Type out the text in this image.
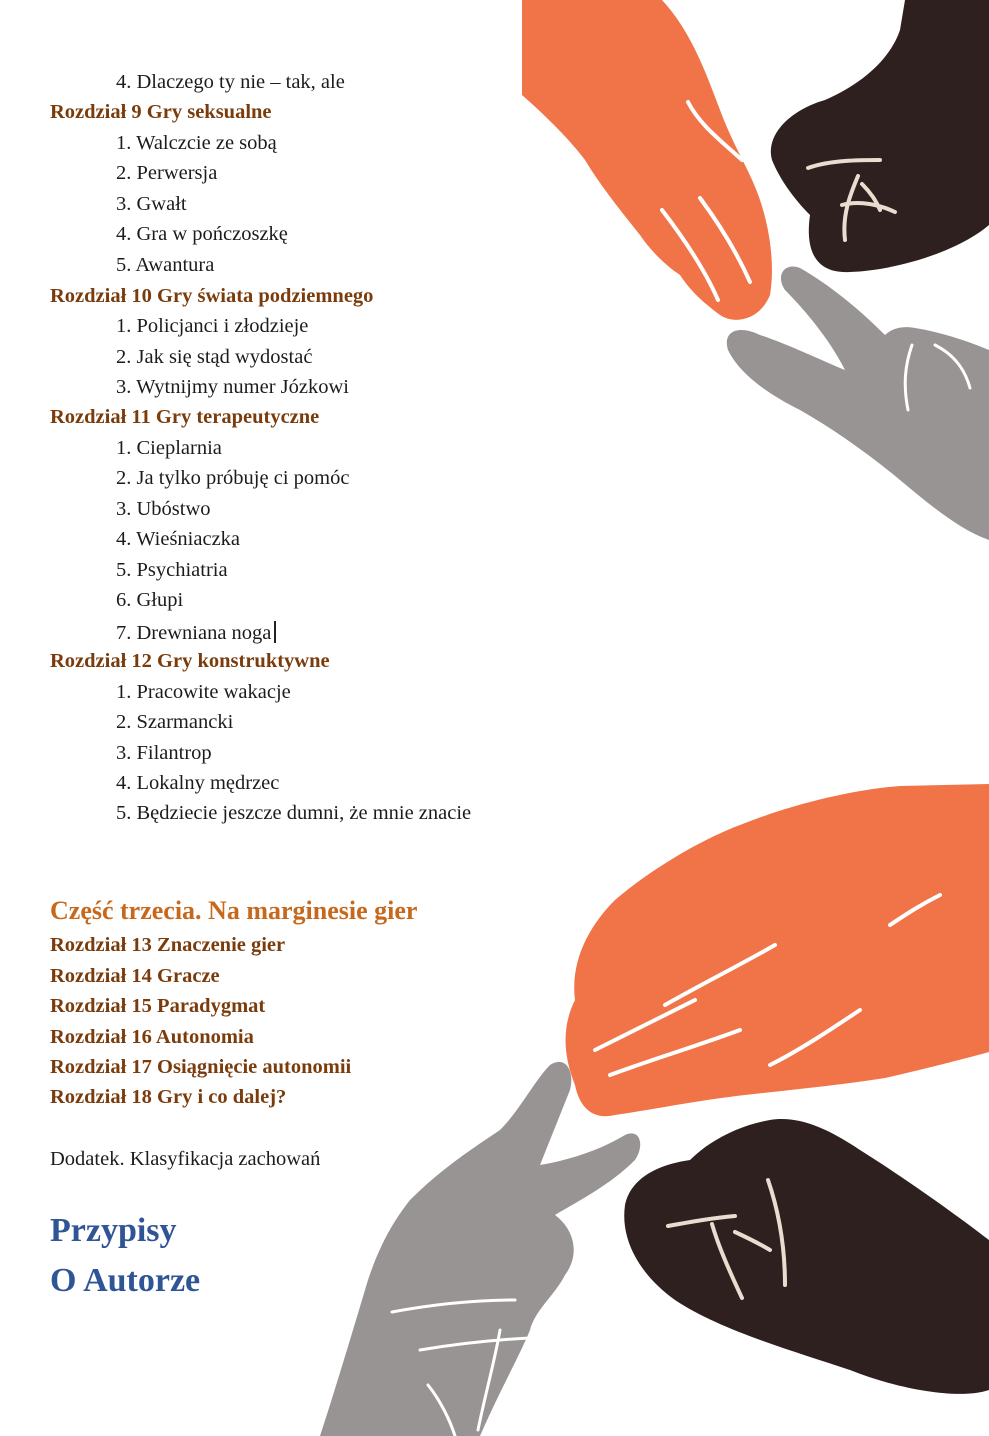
4. Dlaczego ty nie – tak, ale
Rozdział 9 Gry seksualne
1. Walczcie ze sobą
2. Perwersja
3. Gwałt
4. Gra w pończoszkę
5. Awantura
Rozdział 10 Gry świata podziemnego
1. Policjanci i złodzieje
2. Jak się stąd wydostać
3. Wytnijmy numer Józkowi
Rozdział 11 Gry terapeutyczne
1. Cieplarnia
2. Ja tylko próbuję ci pomóc
3. Ubóstwo
4. Wieśniaczka
5. Psychiatria
6. Głupi
7. Drewniana noga
Rozdział 12 Gry konstruktywne
1. Pracowite wakacje
2. Szarmancki
3. Filantrop
4. Lokalny mędrzec
5. Będziecie jeszcze dumni, że mnie znacie
Część trzecia. Na marginesie gier
Rozdział 13 Znaczenie gier
Rozdział 14 Gracze
Rozdział 15 Paradygmat
Rozdział 16 Autonomia
Rozdział 17 Osiągnięcie autonomii
Rozdział 18 Gry i co dalej?
Dodatek. Klasyfikacja zachowań
Przypisy
O Autorze
